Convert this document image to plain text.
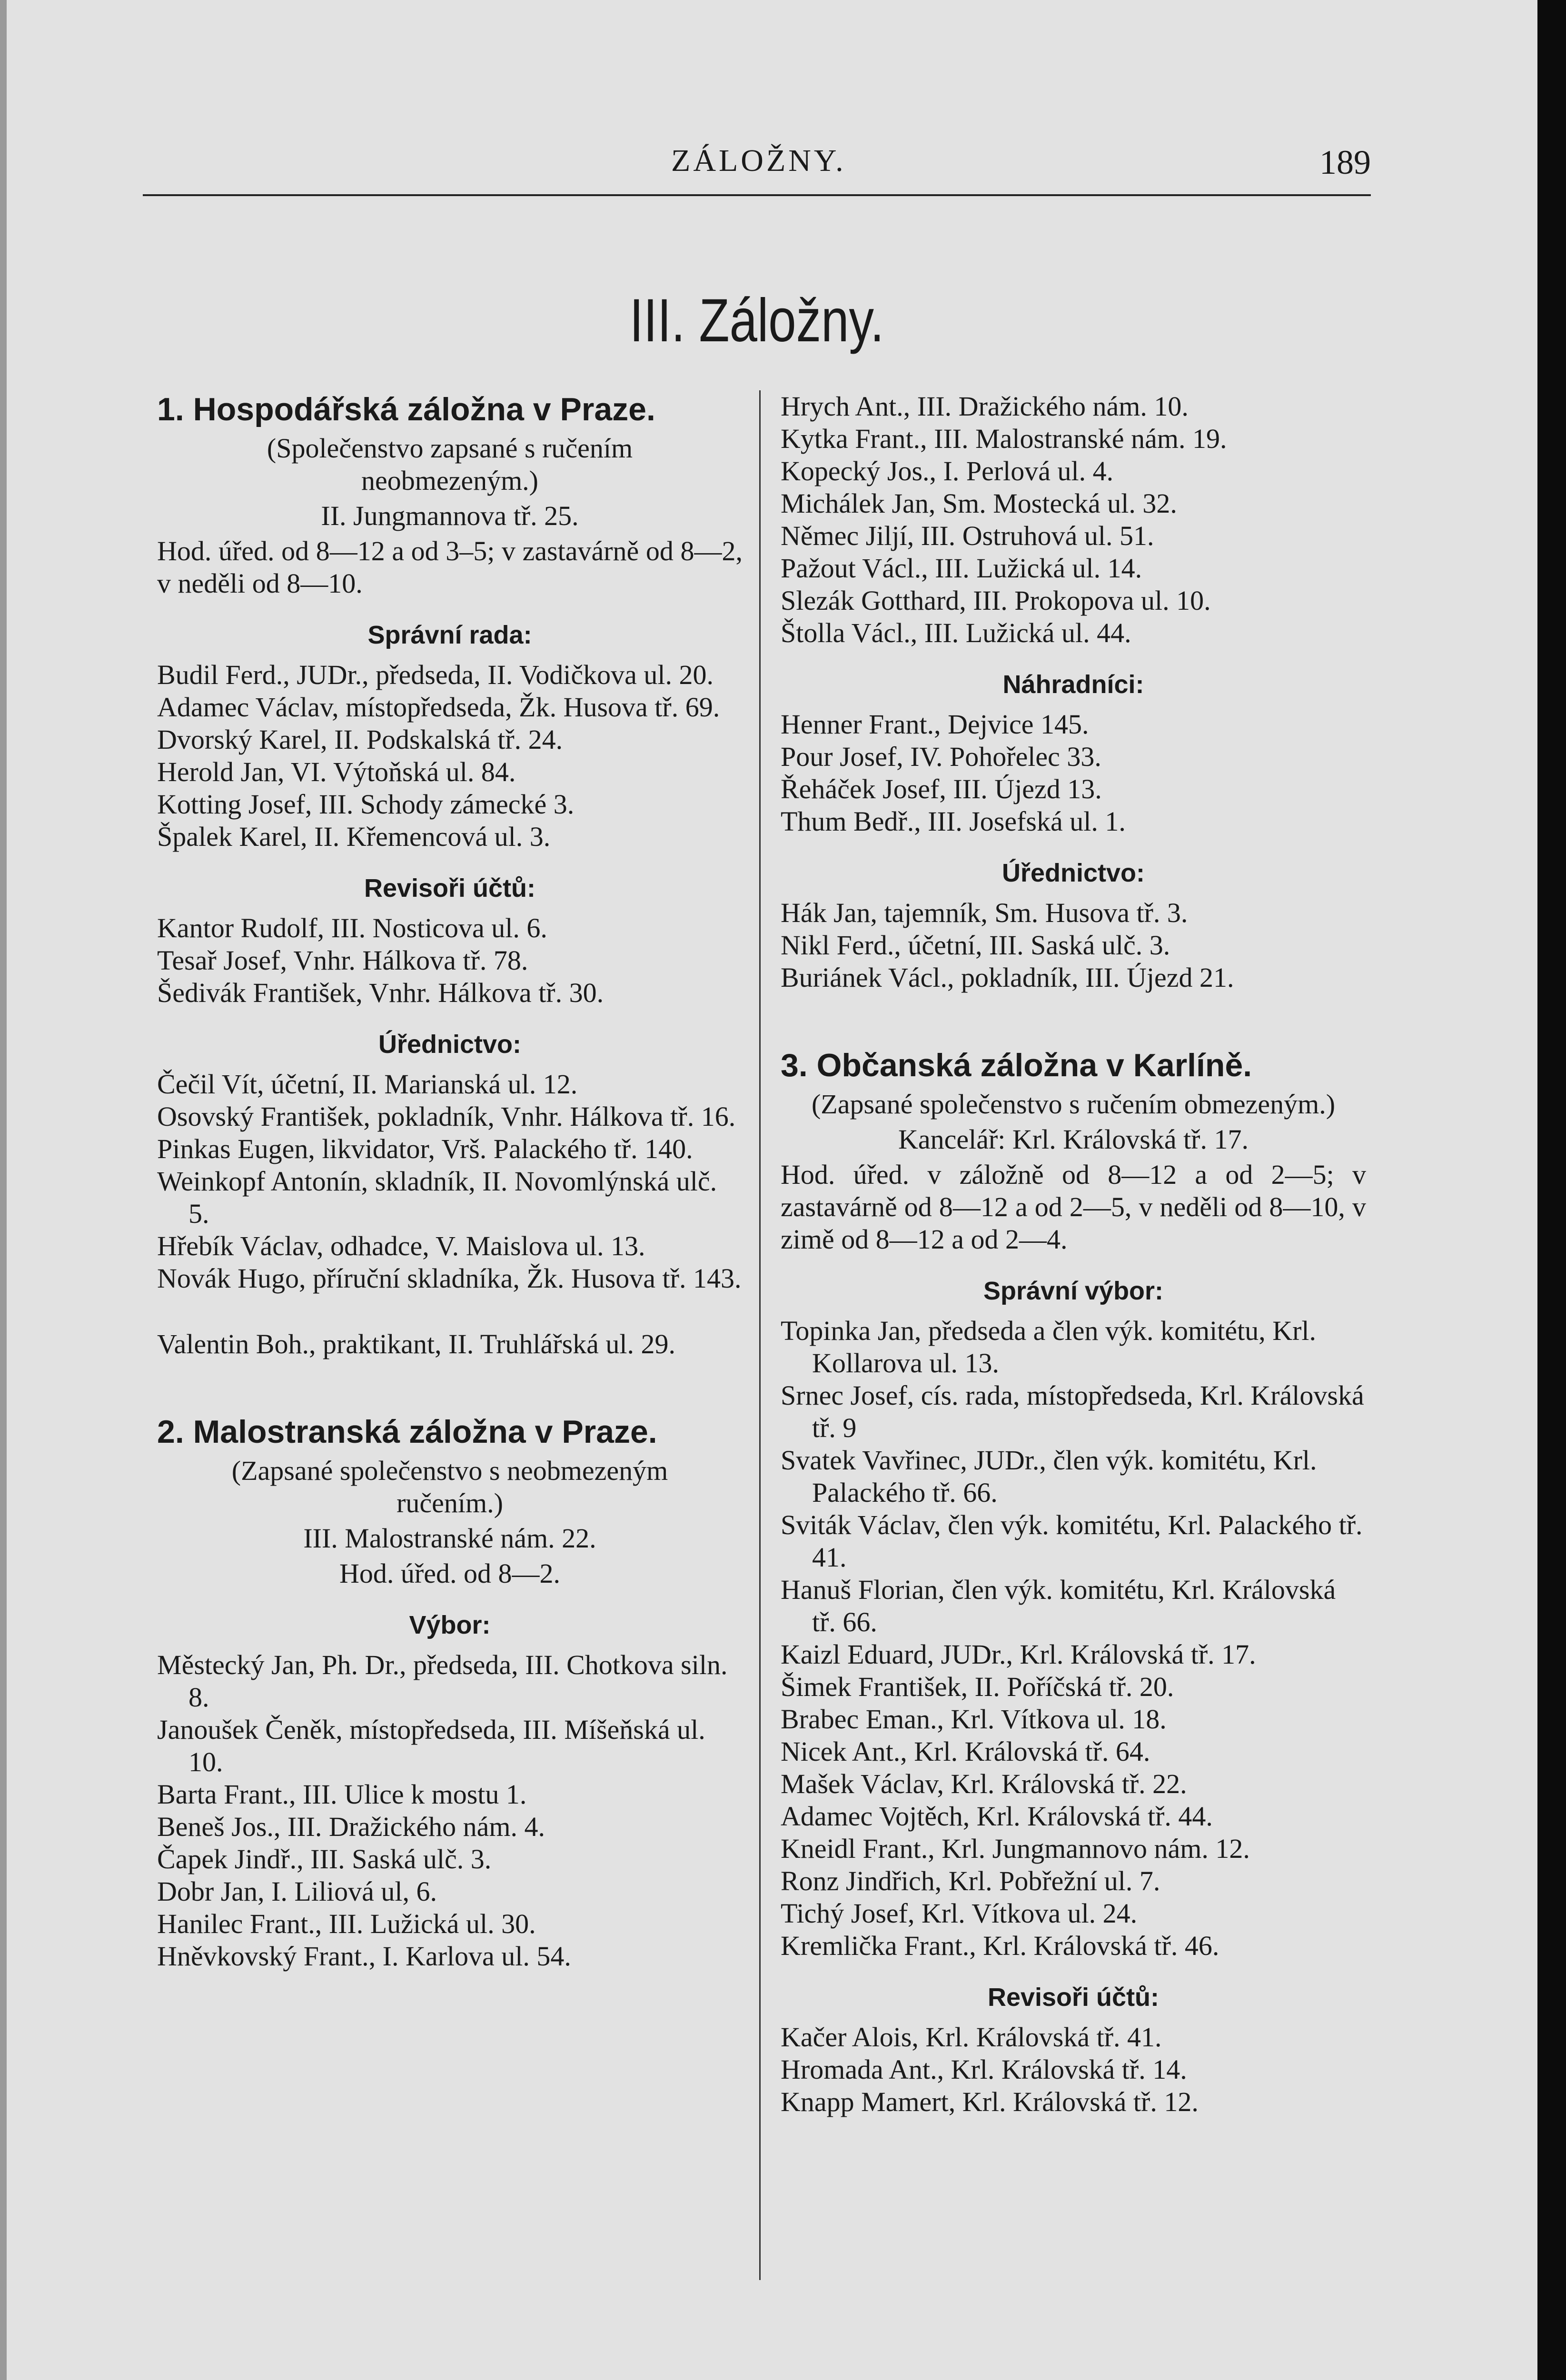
ZÁLOŽNY.	189
III. Záložny.
1. Hospodářská záložna v Praze.

(Společenstvo zapsané s ručením neobmezeným.)

II. Jungmannova tř. 25.

Hod. úřed. od 8—12 a od 3–5; v zastavárně od 8—2, v neděli od 8—10.

Správní rada:
Budil Ferd., JUDr., předseda, II. Vodičkova ul. 20.
Adamec Václav, místopředseda, Žk. Husova tř. 69.
Dvorský Karel, II. Podskalská tř. 24.
Herold Jan, VI. Výtoňská ul. 84.
Kotting Josef, III. Schody zámecké 3.
Špalek Karel, II. Křemencová ul. 3.
Revisoři účtů:
Kantor Rudolf, III. Nosticova ul. 6.
Tesař Josef, Vnhr. Hálkova tř. 78.
Šedivák František, Vnhr. Hálkova tř. 30.
Úřednictvo:
Čečil Vít, účetní, II. Marianská ul. 12.
Osovský František, pokladník, Vnhr. Hálkova tř. 16.
Pinkas Eugen, likvidator, Vrš. Palackého tř. 140.
Weinkopf Antonín, skladník, II. Novomlýnská ulč. 5.
Hřebík Václav, odhadce, V. Maislova ul. 13.
Novák Hugo, příruční skladníka, Žk. Husova tř. 143.
Valentin Boh., praktikant, II. Truhlářská ul. 29.
2. Malostranská záložna v Praze.

(Zapsané společenstvo s neobmezeným ručením.)

III. Malostranské nám. 22.

Hod. úřed. od 8—2.

Výbor:
Městecký Jan, Ph. Dr., předseda, III. Chotkova siln. 8.
Janoušek Čeněk, místopředseda, III. Míšeňská ul. 10.
Barta Frant., III. Ulice k mostu 1.
Beneš Jos., III. Dražického nám. 4.
Čapek Jindř., III. Saská ulč. 3.
Dobr Jan, I. Liliová ul, 6.
Hanilec Frant., III. Lužická ul. 30.
Hněvkovský Frant., I. Karlova ul. 54.
Hrych Ant., III. Dražického nám. 10.
Kytka Frant., III. Malostranské nám. 19.
Kopecký Jos., I. Perlová ul. 4.
Michálek Jan, Sm. Mostecká ul. 32.
Němec Jiljí, III. Ostruhová ul. 51.
Pažout Václ., III. Lužická ul. 14.
Slezák Gotthard, III. Prokopova ul. 10.
Štolla Václ., III. Lužická ul. 44.
Náhradníci:
Henner Frant., Dejvice 145.
Pour Josef, IV. Pohořelec 33.
Řeháček Josef, III. Újezd 13.
Thum Bedř., III. Josefská ul. 1.
Úřednictvo:
Hák Jan, tajemník, Sm. Husova tř. 3.
Nikl Ferd., účetní, III. Saská ulč. 3.
Buriánek Václ., pokladník, III. Újezd 21.
3. Občanská záložna v Karlíně.

(Zapsané společenstvo s ručením obmezeným.)

Kancelář: Krl. Královská tř. 17.

Hod. úřed. v záložně od 8—12 a od 2—5; v zastavárně od 8—12 a od 2—5, v neděli od 8—10, v zimě od 8—12 a od 2—4.

Správní výbor:
Topinka Jan, předseda a člen výk. komitétu, Krl. Kollarova ul. 13.
Srnec Josef, cís. rada, místopředseda, Krl. Královská tř. 9
Svatek Vavřinec, JUDr., člen výk. komitétu, Krl. Palackého tř. 66.
Sviták Václav, člen výk. komitétu, Krl. Palackého tř. 41.
Hanuš Florian, člen výk. komitétu, Krl. Královská tř. 66.
Kaizl Eduard, JUDr., Krl. Královská tř. 17.
Šimek František, II. Poříčská tř. 20.
Brabec Eman., Krl. Vítkova ul. 18.
Nicek Ant., Krl. Královská tř. 64.
Mašek Václav, Krl. Královská tř. 22.
Adamec Vojtěch, Krl. Královská tř. 44.
Kneidl Frant., Krl. Jungmannovo nám. 12.
Ronz Jindřich, Krl. Pobřežní ul. 7.
Tichý Josef, Krl. Vítkova ul. 24.
Kremlička Frant., Krl. Královská tř. 46.
Revisoři účtů:
Kačer Alois, Krl. Královská tř. 41.
Hromada Ant., Krl. Královská tř. 14.
Knapp Mamert, Krl. Královská tř. 12.
